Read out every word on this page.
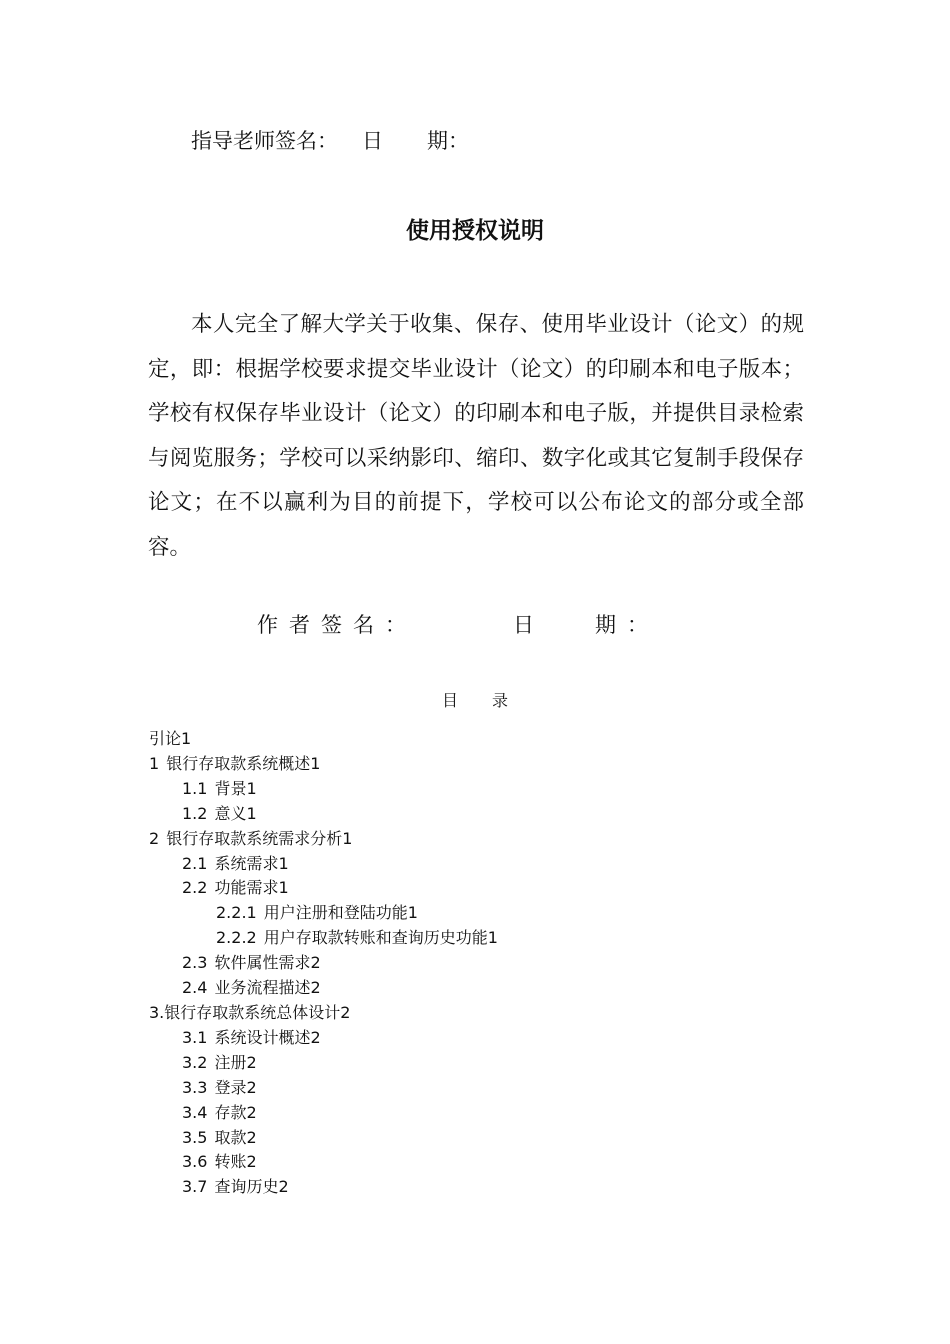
指导老师签名： 日 期：
使用授权说明

本人完全了解大学关于收集、保存、使用毕业设计（论文）的规定，即：根据学校要求提交毕业设计（论文）的印刷本和电子版本；学校有权保存毕业设计（论文）的印刷本和电子版，并提供目录检索与阅览服务；学校可以采纳影印、缩印、数字化或其它复制手段保存论文；在不以赢利为目的前提下，学校可以公布论文的部分或全部容。

作者签名：	日 期：
目录
引论1
1 银行存取款系统概述1
1.1 背景1
1.2 意义1
2 银行存取款系统需求分析1
2.1 系统需求1
2.2 功能需求1
2.2.1 用户注册和登陆功能1
2.2.2 用户存取款转账和查询历史功能1
2.3 软件属性需求2
2.4 业务流程描述2
3.银行存取款系统总体设计2
3.1 系统设计概述2
3.2 注册2
3.3 登录2
3.4 存款2
3.5 取款2
3.6 转账2
3.7 查询历史2
